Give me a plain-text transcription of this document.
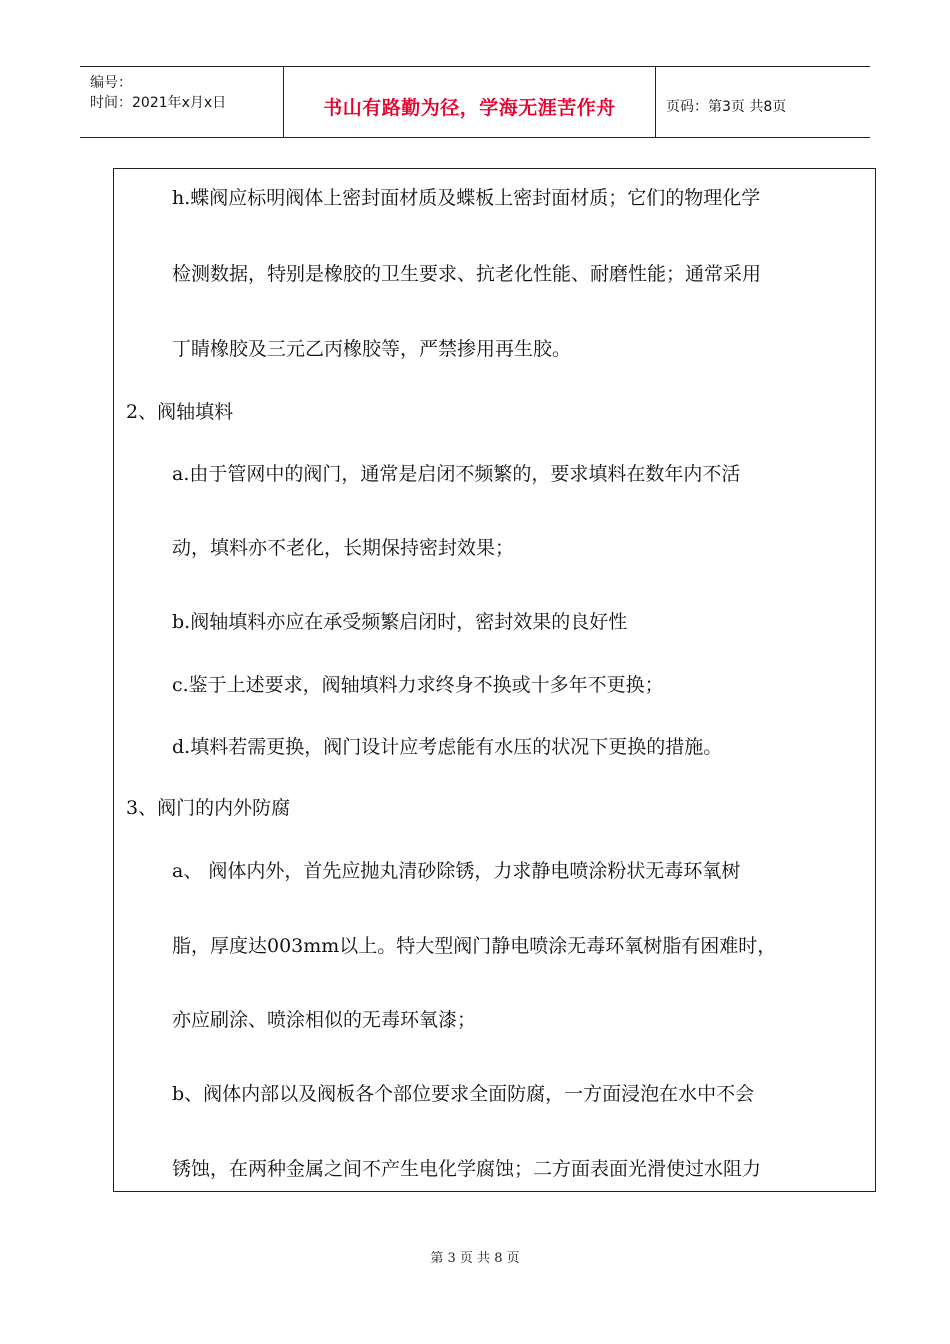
编号：
时间：2021年x月x日	书山有路勤为径，学海无涯苦作舟	页码：第3页 共8页
h.蝶阀应标明阀体上密封面材质及蝶板上密封面材质；它们的物理化学
检测数据，特别是橡胶的卫生要求、抗老化性能、耐磨性能；通常采用
丁睛橡胶及三元乙丙橡胶等，严禁掺用再生胶。
2、阀轴填料
a.由于管网中的阀门，通常是启闭不频繁的，要求填料在数年内不活
动，填料亦不老化，长期保持密封效果；
b.阀轴填料亦应在承受频繁启闭时，密封效果的良好性
c.鉴于上述要求，阀轴填料力求终身不换或十多年不更换；
d.填料若需更换，阀门设计应考虑能有水压的状况下更换的措施。
3、阀门的内外防腐
a、 阀体内外，首先应抛丸清砂除锈，力求静电喷涂粉状无毒环氧树
脂，厚度达003mm以上。特大型阀门静电喷涂无毒环氧树脂有困难时，
亦应刷涂、喷涂相似的无毒环氧漆；
b、阀体内部以及阀板各个部位要求全面防腐，一方面浸泡在水中不会
锈蚀，在两种金属之间不产生电化学腐蚀；二方面表面光滑使过水阻力
第 3 页 共 8 页
